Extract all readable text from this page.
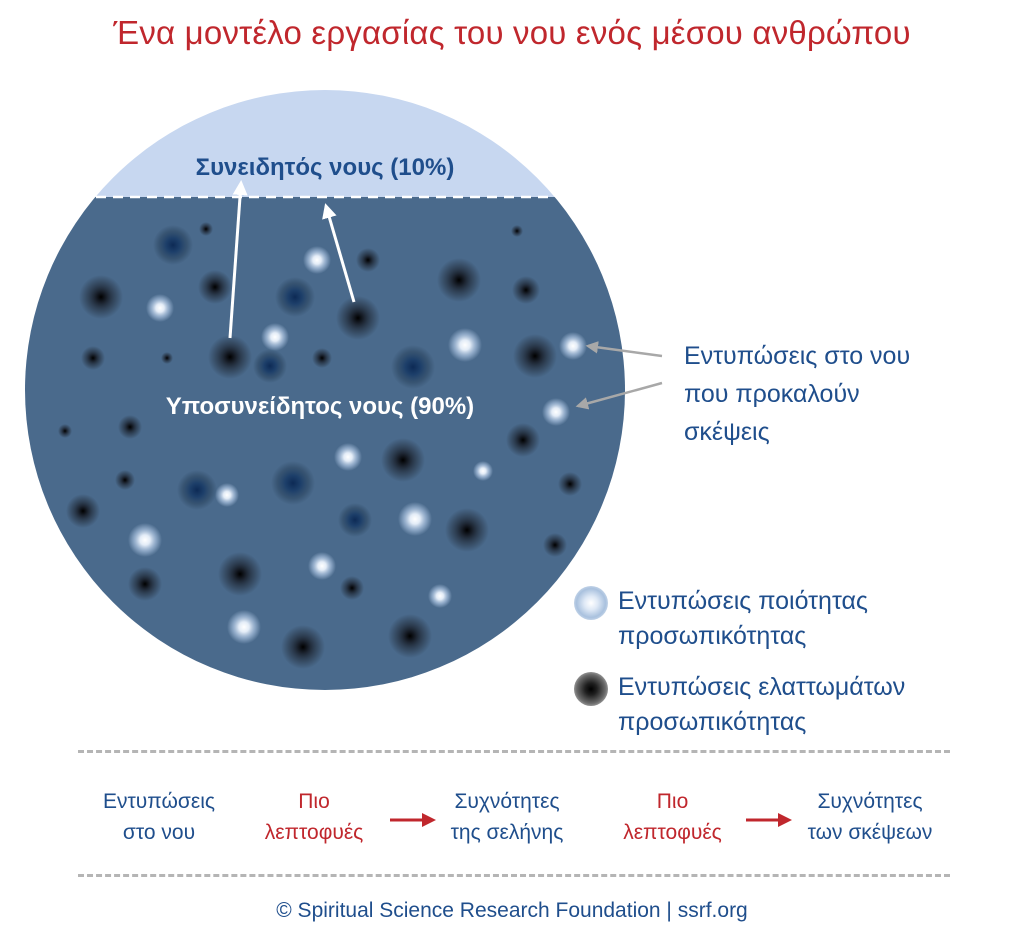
Ένα μοντέλο εργασίας του νου ενός μέσου ανθρώπου
Συνειδητός νους (10%)
Υποσυνείδητος νους (90%)
Εντυπώσεις στο νου
που προκαλούν
σκέψεις
Εντυπώσεις ποιότητας
προσωπικότητας
Εντυπώσεις ελαττωμάτων
προσωπικότητας
Εντυπώσεις
στο νου
Πιο
λεπτοφυές
Συχνότητες
της σελήνης
Πιο
λεπτοφυές
Συχνότητες
των σκέψεων
© Spiritual Science Research Foundation | ssrf.org
